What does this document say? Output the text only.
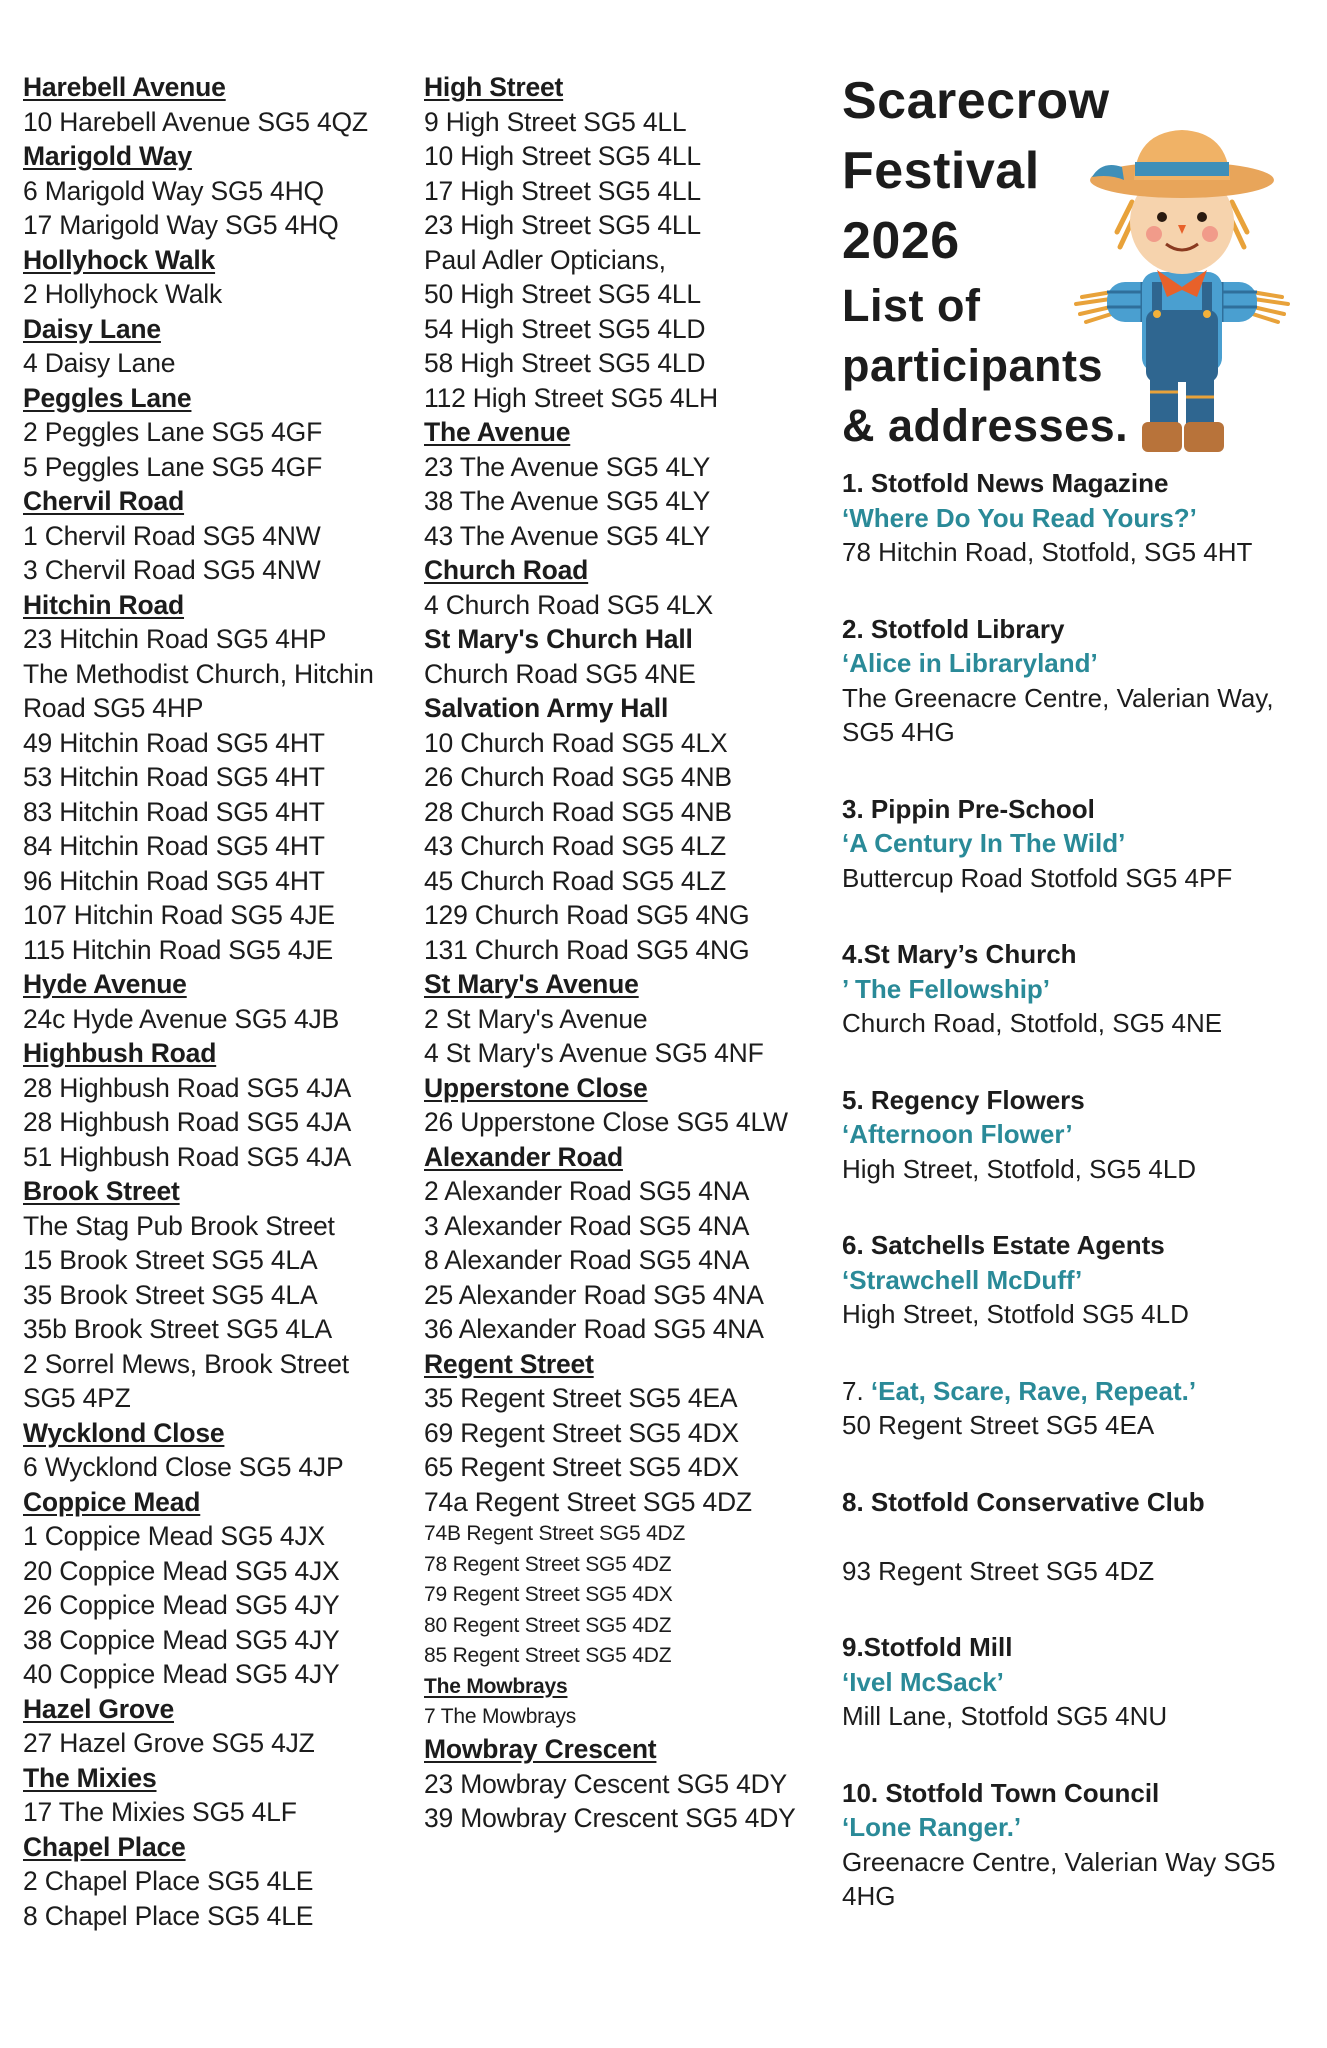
Harebell Avenue
10 Harebell Avenue SG5 4QZ
Marigold Way
6 Marigold Way SG5 4HQ
17 Marigold Way SG5 4HQ
Hollyhock Walk
2 Hollyhock Walk
Daisy Lane
4 Daisy Lane
Peggles Lane
2 Peggles Lane SG5 4GF
5 Peggles Lane SG5 4GF
Chervil Road
1 Chervil Road SG5 4NW
3 Chervil Road SG5 4NW
Hitchin Road
23 Hitchin Road SG5 4HP
The Methodist Church, Hitchin
Road SG5 4HP
49 Hitchin Road SG5 4HT
53 Hitchin Road SG5 4HT
83 Hitchin Road SG5 4HT
84 Hitchin Road SG5 4HT
96 Hitchin Road SG5 4HT
107 Hitchin Road SG5 4JE
115 Hitchin Road SG5 4JE
Hyde Avenue
24c Hyde Avenue SG5 4JB
Highbush Road
28 Highbush Road SG5 4JA
28 Highbush Road SG5 4JA
51 Highbush Road SG5 4JA
Brook Street
The Stag Pub Brook Street
15 Brook Street SG5 4LA
35 Brook Street SG5 4LA
35b Brook Street SG5 4LA
2 Sorrel Mews, Brook Street
SG5 4PZ
Wycklond Close
6 Wycklond Close SG5 4JP
Coppice Mead
1 Coppice Mead SG5 4JX
20 Coppice Mead SG5 4JX
26 Coppice Mead SG5 4JY
38 Coppice Mead SG5 4JY
40 Coppice Mead SG5 4JY
Hazel Grove
27 Hazel Grove SG5 4JZ
The Mixies
17 The Mixies SG5 4LF
Chapel Place
2 Chapel Place SG5 4LE
8 Chapel Place SG5 4LE
High Street
9 High Street SG5 4LL
10 High Street SG5 4LL
17 High Street SG5 4LL
23 High Street SG5 4LL
Paul Adler Opticians,
50 High Street SG5 4LL
54 High Street SG5 4LD
58 High Street SG5 4LD
112 High Street SG5 4LH
The Avenue
23 The Avenue SG5 4LY
38 The Avenue SG5 4LY
43 The Avenue SG5 4LY
Church Road
4 Church Road SG5 4LX
St Mary's Church Hall
Church Road SG5 4NE
Salvation Army Hall
10 Church Road SG5 4LX
26 Church Road SG5 4NB
28 Church Road SG5 4NB
43 Church Road SG5 4LZ
45 Church Road SG5 4LZ
129 Church Road SG5 4NG
131 Church Road SG5 4NG
St Mary's Avenue
2 St Mary's Avenue
4 St Mary's Avenue SG5 4NF
Upperstone Close
26 Upperstone Close SG5 4LW
Alexander Road
2 Alexander Road SG5 4NA
3 Alexander Road SG5 4NA
8 Alexander Road SG5 4NA
25 Alexander Road SG5 4NA
36 Alexander Road SG5 4NA
Regent Street
35 Regent Street SG5 4EA
69 Regent Street SG5 4DX
65 Regent Street SG5 4DX
74a Regent Street SG5 4DZ
74B Regent Street SG5 4DZ
78 Regent Street SG5 4DZ
79 Regent Street SG5 4DX
80 Regent Street SG5 4DZ
85 Regent Street SG5 4DZ
The Mowbrays
7 The Mowbrays
Mowbray Crescent
23 Mowbray Cescent SG5 4DY
39 Mowbray Crescent SG5 4DY
Scarecrow
Festival
2026
List of
participants
& addresses.
1. Stotfold News Magazine
‘Where Do You Read Yours?’
78 Hitchin Road, Stotfold, SG5 4HT
2. Stotfold Library
‘Alice in Libraryland’
The Greenacre Centre, Valerian Way, SG5 4HG
3. Pippin Pre-School
‘A Century In The Wild’
Buttercup Road Stotfold SG5 4PF
4.St Mary’s Church
’ The Fellowship’
Church Road, Stotfold, SG5 4NE
5. Regency Flowers
‘Afternoon Flower’
High Street, Stotfold, SG5 4LD
6. Satchells Estate Agents
‘Strawchell McDuff’
High Street, Stotfold SG5 4LD
7. ‘Eat, Scare, Rave, Repeat.’
50 Regent Street SG5 4EA
8. Stotfold Conservative Club
93 Regent Street SG5 4DZ
9.Stotfold Mill
‘Ivel McSack’
Mill Lane, Stotfold SG5 4NU
10. Stotfold Town Council
‘Lone Ranger.’
Greenacre Centre, Valerian Way SG5 4HG
